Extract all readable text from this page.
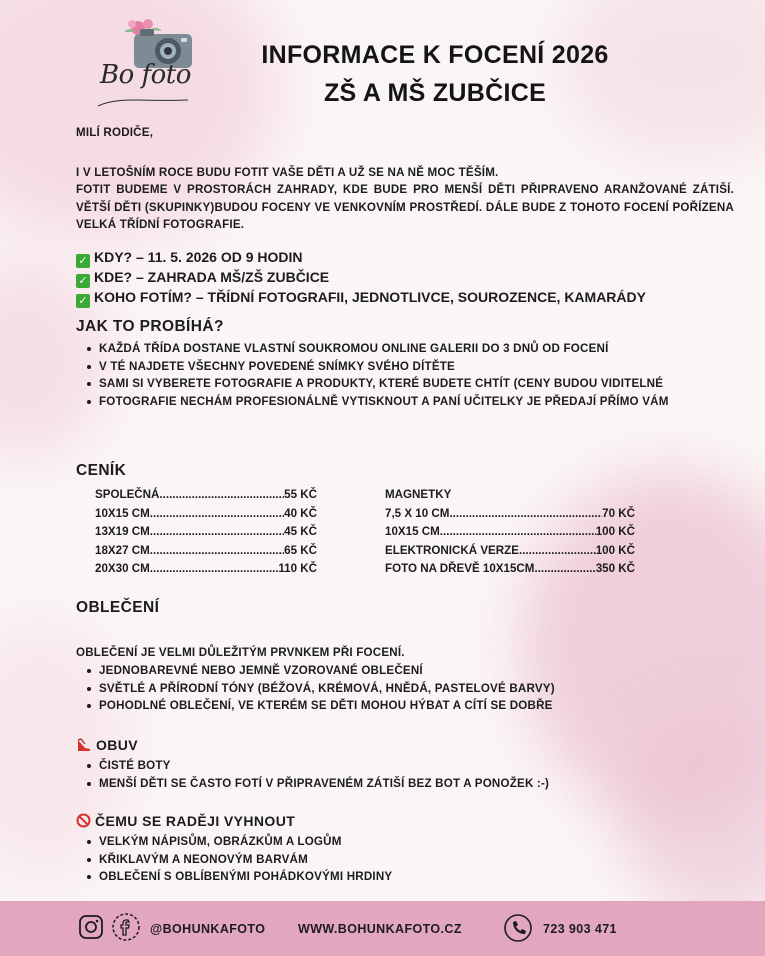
Bo foto
INFORMACE K FOCENÍ 2026
ZŠ A MŠ ZUBČICE
MILÍ RODIČE,
I V LETOŠNÍM ROCE BUDU FOTIT VAŠE DĚTI A UŽ SE NA NĚ MOC TĚŠÍM.
FOTIT BUDEME V PROSTORÁCH ZAHRADY, KDE BUDE PRO MENŠÍ DĚTI PŘIPRAVENO ARANŽOVANÉ ZÁTIŠÍ. VĚTŠÍ DĚTI (SKUPINKY)BUDOU FOCENY VE VENKOVNÍM PROSTŘEDÍ. DÁLE BUDE Z TOHOTO FOCENÍ POŘÍZENA VELKÁ TŘÍDNÍ FOTOGRAFIE.
✓ KDY? – 11. 5. 2026 OD 9 HODIN
✓ KDE? – ZAHRADA MŠ/ZŠ ZUBČICE
✓ KOHO FOTÍM? – TŘÍDNÍ FOTOGRAFII, JEDNOTLIVCE, SOUROZENCE, KAMARÁDY
JAK TO PROBÍHÁ?
KAŽDÁ TŘÍDA DOSTANE VLASTNÍ SOUKROMOU ONLINE GALERII DO 3 DNŮ OD FOCENÍ
V TÉ NAJDETE VŠECHNY POVEDENÉ SNÍMKY SVÉHO DÍTĚTE
SAMI SI VYBERETE FOTOGRAFIE A PRODUKTY, KTERÉ BUDETE CHTÍT (CENY BUDOU VIDITELNÉ
FOTOGRAFIE NECHÁM PROFESIONÁLNĚ VYTISKNOUT A PANÍ UČITELKY JE PŘEDAJÍ PŘÍMO VÁM
CENÍK
SPOLEČNÁ .....	55 KČ
10X15 CM .....	40 KČ
13X19 CM .....	45 KČ
18X27 CM .....	65 KČ
20X30 CM .....	110 KČ
MAGNETKY
7,5 X 10 CM .....	70 KČ
10X15 CM .....	100 KČ
ELEKTRONICKÁ VERZE .....	100 KČ
FOTO NA DŘEVĚ 10X15CM .....	350 KČ
OBLEČENÍ
OBLEČENÍ JE VELMI DŮLEŽITÝM PRVNKEM PŘI FOCENÍ.
JEDNOBAREVNÉ NEBO JEMNĚ VZOROVANÉ OBLEČENÍ
SVĚTLÉ A PŘÍRODNÍ TÓNY (BÉŽOVÁ, KRÉMOVÁ, HNĚDÁ, PASTELOVÉ BARVY)
POHODLNÉ OBLEČENÍ, VE KTERÉM SE DĚTI MOHOU HÝBAT A CÍTÍ SE DOBŘE
OBUV
ČISTÉ BOTY
MENŠÍ DĚTI SE ČASTO FOTÍ V PŘIPRAVENÉM ZÁTIŠÍ BEZ BOT A PONOŽEK :-)
ČEMU SE RADĚJI VYHNOUT
VELKÝM NÁPISŮM, OBRÁZKŮM A LOGŮM
KŘIKLAVÝM A NEONOVÝM BARVÁM
OBLEČENÍ S OBLÍBENÝMI POHÁDKOVÝMI HRDINY
@BOHUNKAFOTO	WWW.BOHUNKAFOTO.CZ	723 903 471
